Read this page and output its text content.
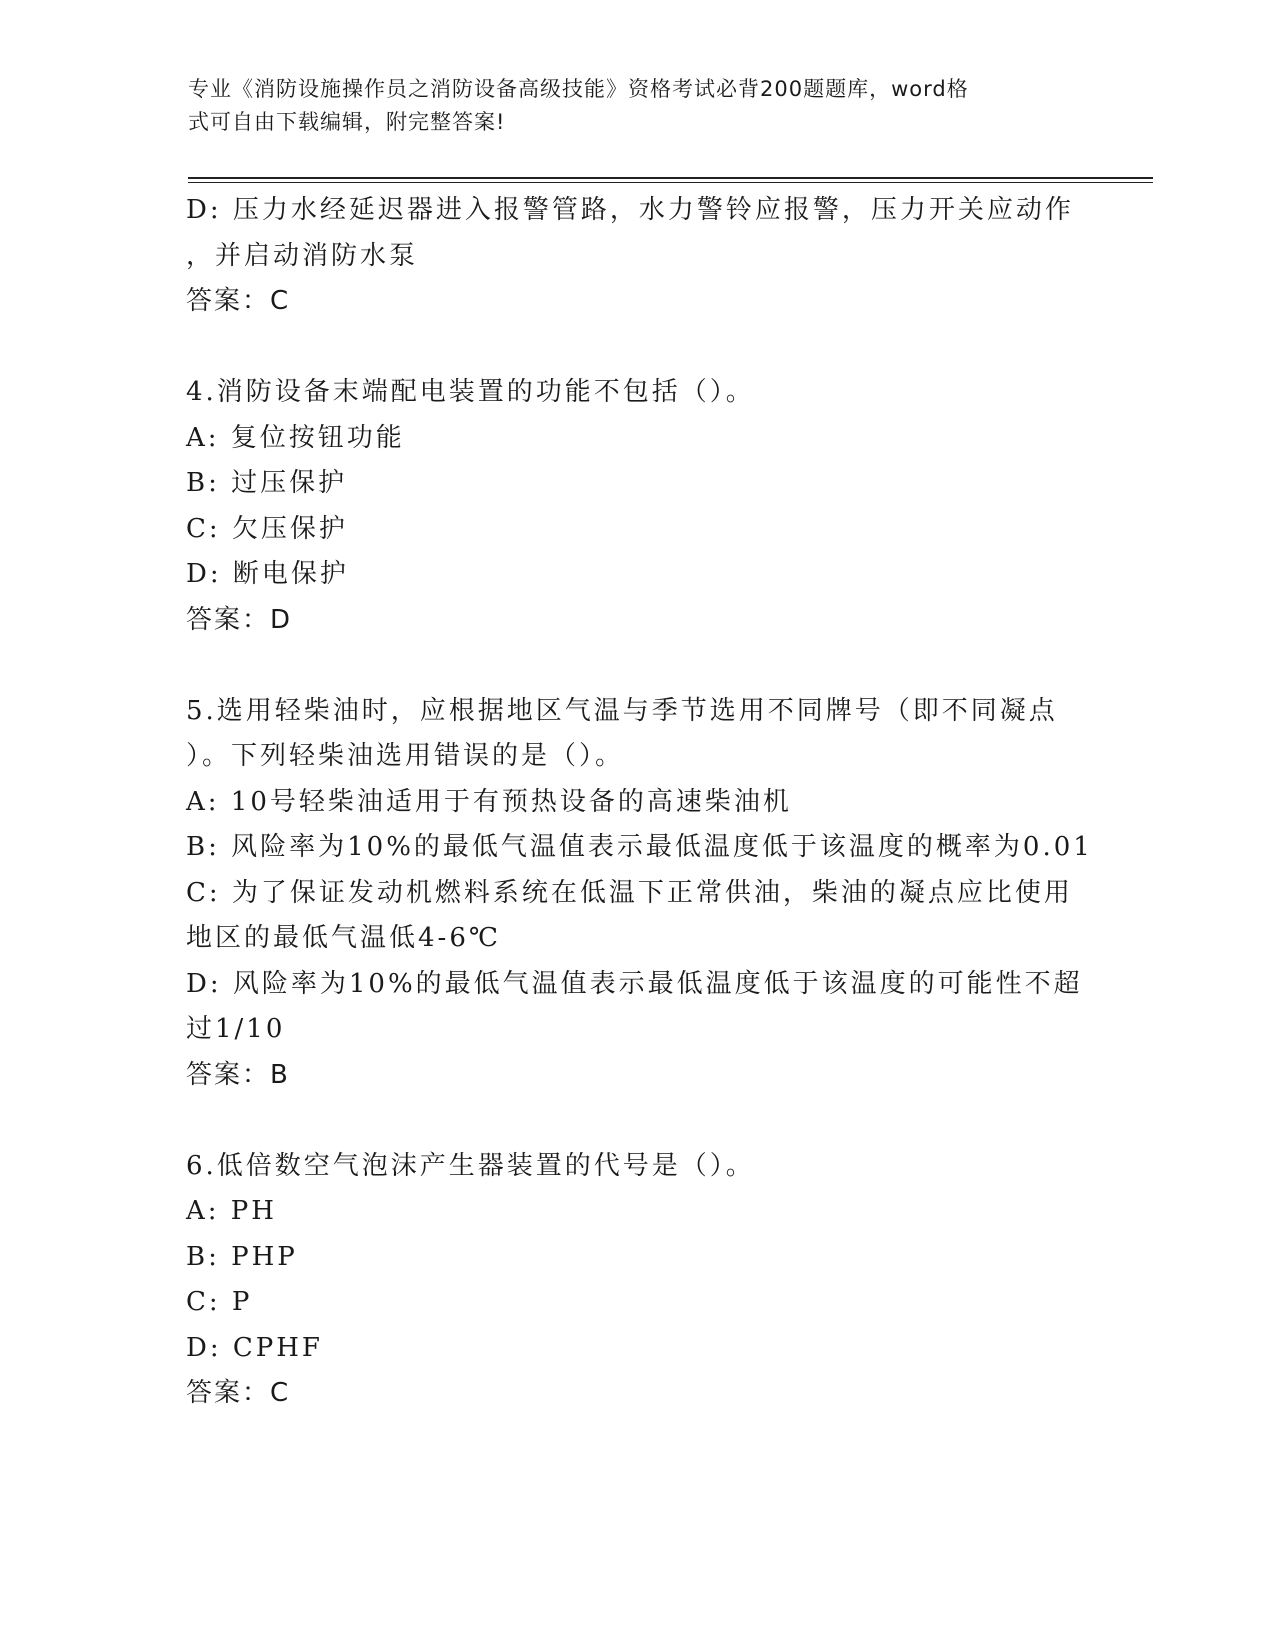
专业《消防设施操作员之消防设备高级技能》资格考试必背200题题库，word格
式可自由下载编辑，附完整答案!
D: 压力水经延迟器进入报警管路，水力警铃应报警，压力开关应动作
，并启动消防水泵
答案：C
4.消防设备末端配电装置的功能不包括（）。
A: 复位按钮功能
B: 过压保护
C: 欠压保护
D: 断电保护
答案：D
5.选用轻柴油时，应根据地区气温与季节选用不同牌号（即不同凝点
）。下列轻柴油选用错误的是（）。
A: 10号轻柴油适用于有预热设备的高速柴油机
B: 风险率为10%的最低气温值表示最低温度低于该温度的概率为0.01
C: 为了保证发动机燃料系统在低温下正常供油，柴油的凝点应比使用
地区的最低气温低4-6℃
D: 风险率为10%的最低气温值表示最低温度低于该温度的可能性不超
过1/10
答案：B
6.低倍数空气泡沫产生器装置的代号是（）。
A: PH
B: PHP
C: P
D: CPHF
答案：C
